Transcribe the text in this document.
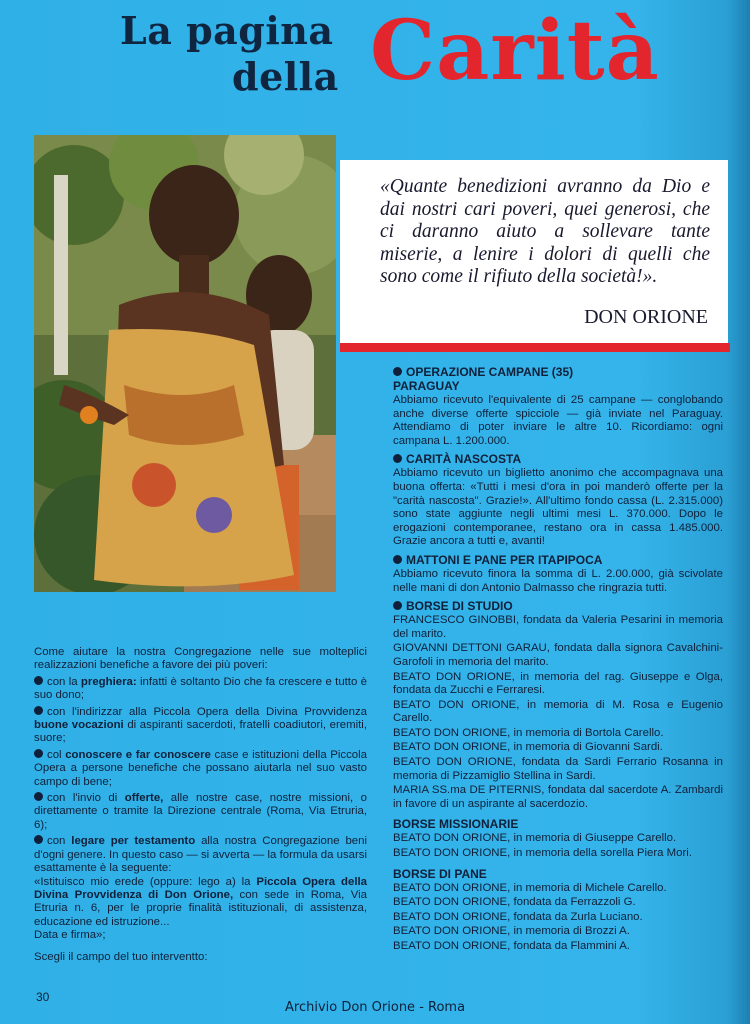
La pagina
della Carità
«Quante benedizioni avranno da Dio e dai nostri cari poveri, quei generosi, che ci daranno aiuto a sollevare tante miserie, a lenire i dolori di quelli che sono come il rifiuto della società!».
DON ORIONE
OPERAZIONE CAMPANE (35)
PARAGUAY

Abbiamo ricevuto l'equivalente di 25 campane — conglobando anche diverse offerte spicciole — già inviate nel Paraguay. Attendiamo di poter inviare le altre 10. Ricordiamo: ogni campana L. 1.200.000.

CARITÀ NASCOSTA

Abbiamo ricevuto un biglietto anonimo che accompagnava una buona offerta: «Tutti i mesi d'ora in poi manderò offerte per la "carità nascosta". Grazie!». All'ultimo fondo cassa (L. 2.315.000) sono state aggiunte negli ultimi mesi L. 370.000. Dopo le erogazioni contemporanee, restano ora in cassa 1.485.000. Grazie ancora a tutti e, avanti!

MATTONI E PANE PER ITAPIPOCA

Abbiamo ricevuto finora la somma di L. 2.00.000, già scivolate nelle mani di don Antonio Dalmasso che ringrazia tutti.

BORSE DI STUDIO

FRANCESCO GINOBBI, fondata da Valeria Pesarini in memoria del marito.

GIOVANNI DETTONI GARAU, fondata dalla signora Cavalchini-Garofoli in memoria del marito.

BEATO DON ORIONE, in memoria del rag. Giuseppe e Olga, fondata da Zucchi e Ferraresi.

BEATO DON ORIONE, in memoria di M. Rosa e Eugenio Carello.

BEATO DON ORIONE, in memoria di Bortola Carello.

BEATO DON ORIONE, in memoria di Giovanni Sardi.

BEATO DON ORIONE, fondata da Sardi Ferrario Rosanna in memoria di Pizzamiglio Stellina in Sardi.

MARIA SS.ma DE PITERNIS, fondata dal sacerdote A. Zambardi in favore di un aspirante al sacerdozio.

BORSE MISSIONARIE

BEATO DON ORIONE, in memoria di Giuseppe Carello.

BEATO DON ORIONE, in memoria della sorella Piera Mori.

BORSE DI PANE

BEATO DON ORIONE, in memoria di Michele Carello.

BEATO DON ORIONE, fondata da Ferrazzoli G.

BEATO DON ORIONE, fondata da Zurla Luciano.

BEATO DON ORIONE, in memoria di Brozzi A.

BEATO DON ORIONE, fondata da Flammini A.

Come aiutare la nostra Congregazione nelle sue molteplici realizzazioni benefiche a favore dei più poveri:

con la preghiera: infatti è soltanto Dio che fa crescere e tutto è suo dono;

con l'indirizzar alla Piccola Opera della Divina Provvidenza buone vocazioni di aspiranti sacerdoti, fratelli coadiutori, eremiti, suore;

col conoscere e far conoscere case e istituzioni della Piccola Opera a persone benefiche che possano aiutarla nel suo vasto campo di bene;

con l'invio di offerte, alle nostre case, nostre missioni, o direttamente o tramite la Direzione centrale (Roma, Via Etruria, 6);

con legare per testamento alla nostra Congregazione beni d'ogni genere. In questo caso — si avverta — la formula da usarsi esattamente è la seguente:

«Istituisco mio erede (oppure: lego a) la Piccola Opera della Divina Provvidenza di Don Orione, con sede in Roma, Via Etruria n. 6, per le proprie finalità istituzionali, di assistenza, educazione ed istruzione...

Data e firma»;

Scegli il campo del tuo interventto:

30
Archivio Don Orione - Roma
